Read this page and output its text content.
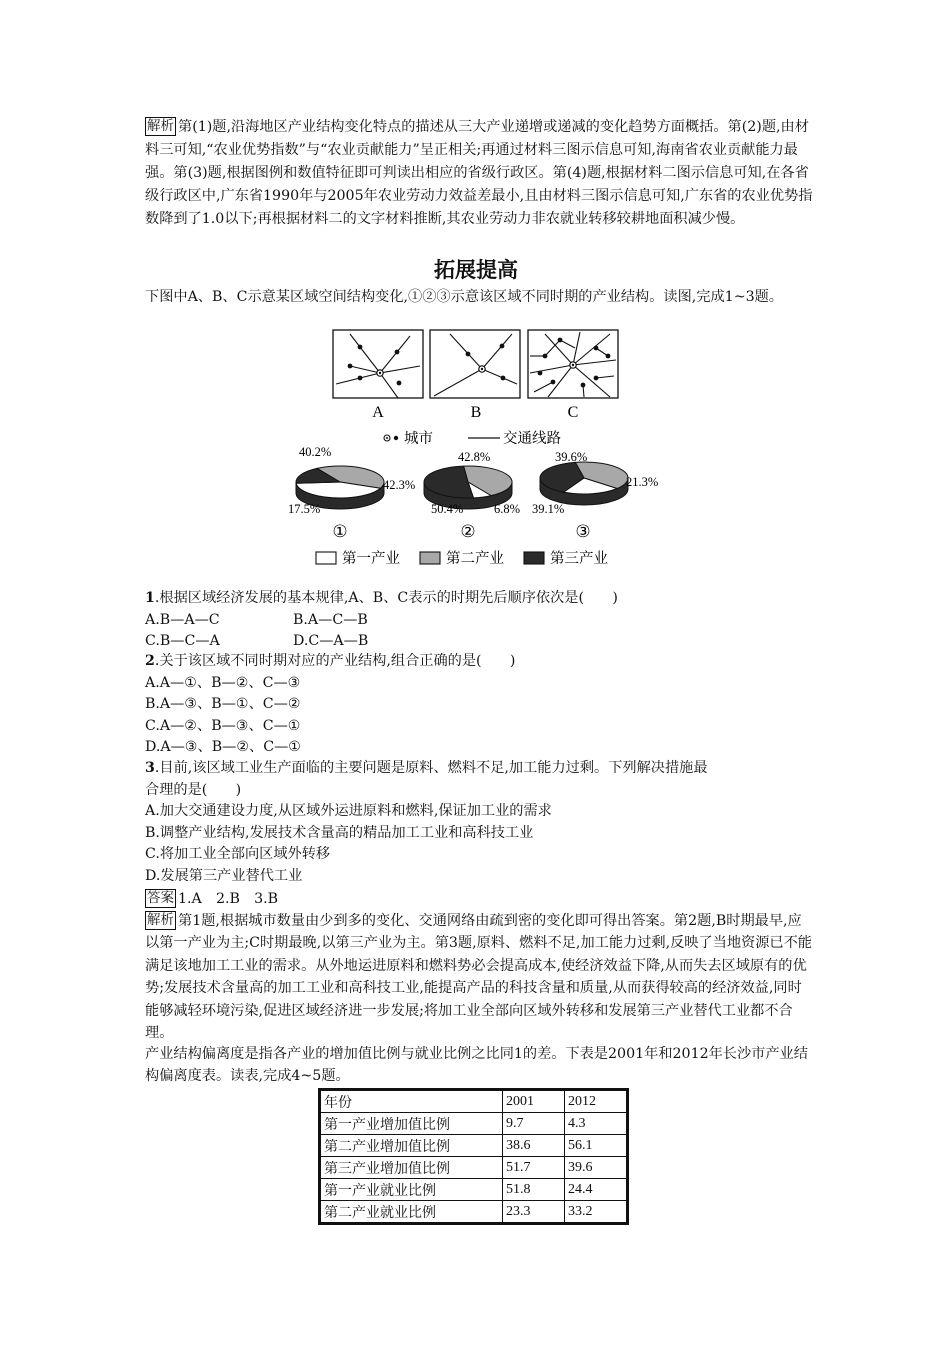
解析 第(1)题,沿海地区产业结构变化特点的描述从三大产业递增或递减的变化趋势方面概括。第(2)题,由材料三可知,“农业优势指数”与“农业贡献能力”呈正相关;再通过材料三图示信息可知,海南省农业贡献能力最强。第(3)题,根据图例和数值特征即可判读出相应的省级行政区。第(4)题,根据材料二图示信息可知,在各省级行政区中,广东省1990年与2005年农业劳动力效益差最小,且由材料三图示信息可知,广东省的农业优势指数降到了1.0以下;再根据材料二的文字材料推断,其农业劳动力非农就业转移较耕地面积减少慢。
拓展提高
下图中A、B、C示意某区域空间结构变化,①②③示意该区域不同时期的产业结构。读图,完成1~3题。
A	B	C
城市	交通线路
40.2%
42.3%
17.5%
42.8%
50.4% 6.8%
39.6%
21.3%
39.1%
①	②	③
第一产业	第二产业	第三产业
1.根据区域经济发展的基本规律,A、B、C表示的时期先后顺序依次是(　　)
A.B—A—C	B.A—C—B
C.B—C—A	D.C—A—B
2.关于该区域不同时期对应的产业结构,组合正确的是(　　)
A.A—①、B—②、C—③
B.A—③、B—①、C—②
C.A—②、B—③、C—①
D.A—③、B—②、C—①
3.目前,该区域工业生产面临的主要问题是原料、燃料不足,加工能力过剩。下列解决措施最
合理的是(　　)
A.加大交通建设力度,从区域外运进原料和燃料,保证加工业的需求
B.调整产业结构,发展技术含量高的精品加工工业和高科技工业
C.将加工业全部向区域外转移
D.发展第三产业替代工业
答案 1.A　2.B　3.B
解析 第1题,根据城市数量由少到多的变化、交通网络由疏到密的变化即可得出答案。第2题,B时期最早,应以第一产业为主;C时期最晚,以第三产业为主。第3题,原料、燃料不足,加工能力过剩,反映了当地资源已不能满足该地加工工业的需求。从外地运进原料和燃料势必会提高成本,使经济效益下降,从而失去区域原有的优势;发展技术含量高的加工工业和高科技工业,能提高产品的科技含量和质量,从而获得较高的经济效益,同时能够减轻环境污染,促进区域经济进一步发展;将加工业全部向区域外转移和发展第三产业替代工业都不合理。
产业结构偏离度是指各产业的增加值比例与就业比例之比同1的差。下表是2001年和2012年长沙市产业结构偏离度表。读表,完成4~5题。
年份	2001	2012
第一产业增加值比例	9.7	4.3
第二产业增加值比例	38.6	56.1
第三产业增加值比例	51.7	39.6
第一产业就业比例	51.8	24.4
第二产业就业比例	23.3	33.2
